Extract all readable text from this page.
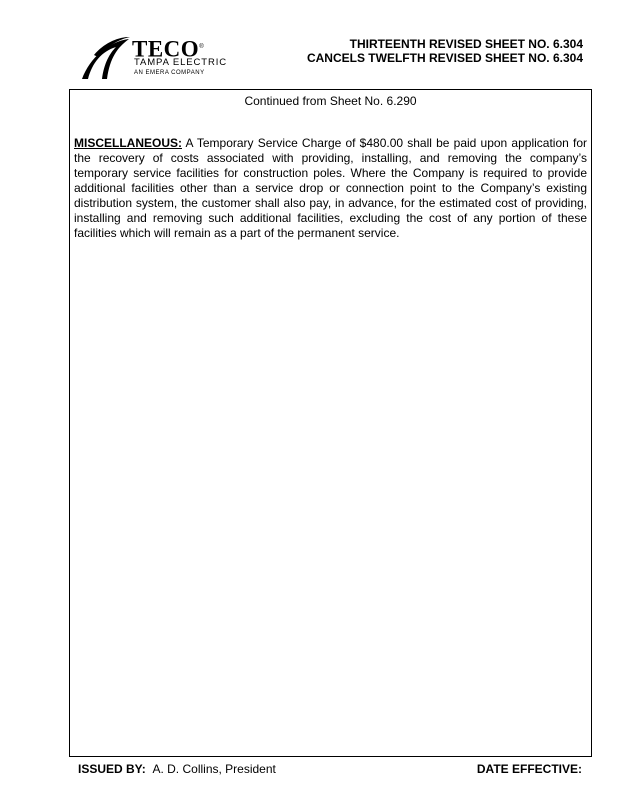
TECO®
TAMPA ELECTRIC
AN EMERA COMPANY
THIRTEENTH REVISED SHEET NO. 6.304
CANCELS TWELFTH REVISED SHEET NO. 6.304
Continued from Sheet No. 6.290
MISCELLANEOUS: A Temporary Service Charge of $480.00 shall be paid upon application for the recovery of costs associated with providing, installing, and removing the company’s temporary service facilities for construction poles. Where the Company is required to provide additional facilities other than a service drop or connection point to the Company’s existing distribution system, the customer shall also pay, in advance, for the estimated cost of providing, installing and removing such additional facilities, excluding the cost of any portion of these facilities which will remain as a part of the permanent service.
ISSUED BY: A. D. Collins, President	DATE EFFECTIVE:
